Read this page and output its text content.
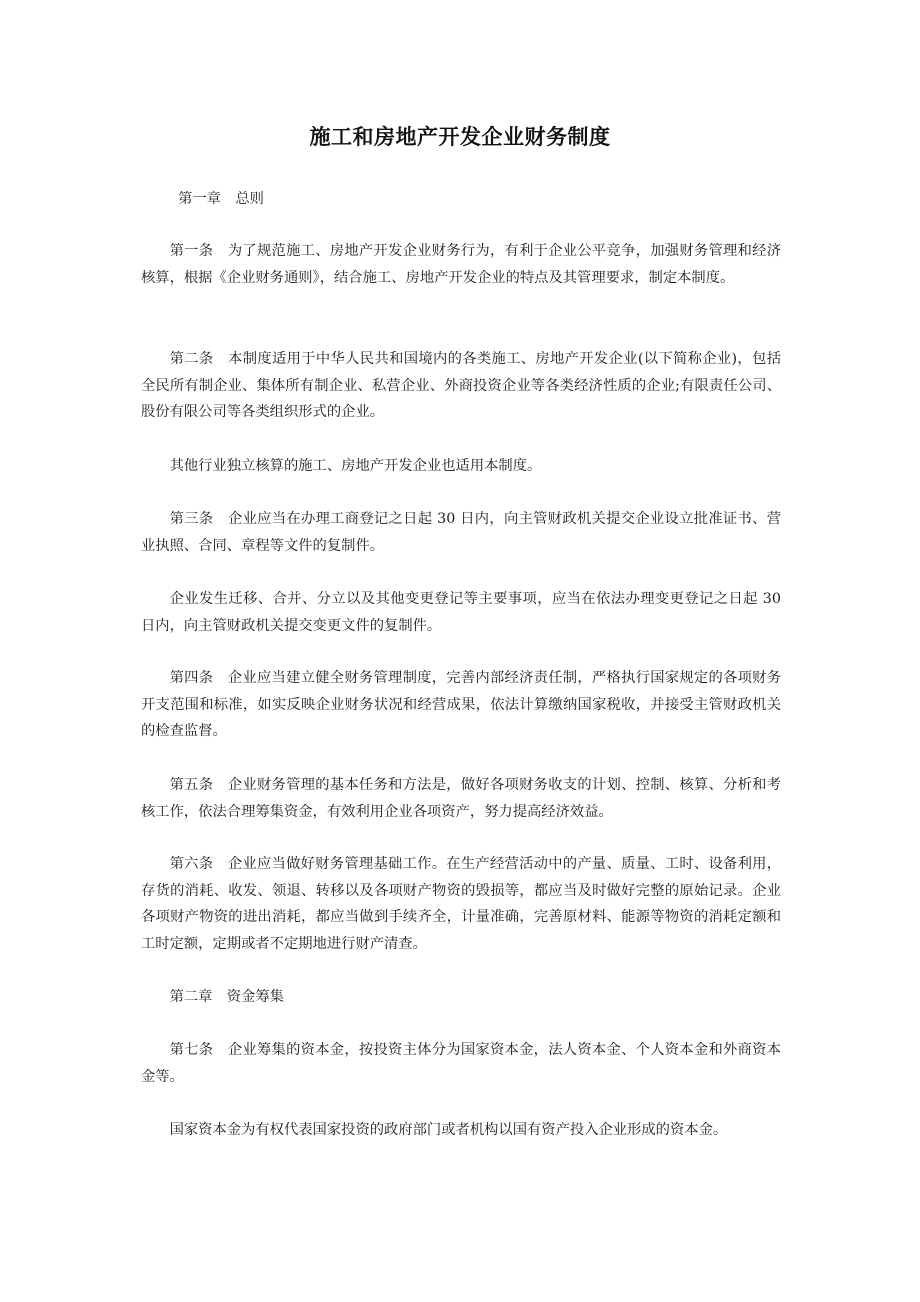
施工和房地产开发企业财务制度

第一章　总则

第一条　为了规范施工、房地产开发企业财务行为，有利于企业公平竞争，加强财务管理和经济核算，根据《企业财务通则》，结合施工、房地产开发企业的特点及其管理要求，制定本制度。

第二条　本制度适用于中华人民共和国境内的各类施工、房地产开发企业(以下简称企业)，包括全民所有制企业、集体所有制企业、私营企业、外商投资企业等各类经济性质的企业;有限责任公司、股份有限公司等各类组织形式的企业。

其他行业独立核算的施工、房地产开发企业也适用本制度。

第三条　企业应当在办理工商登记之日起 30 日内，向主管财政机关提交企业设立批准证书、营业执照、合同、章程等文件的复制件。

企业发生迁移、合并、分立以及其他变更登记等主要事项，应当在依法办理变更登记之日起 30 日内，向主管财政机关提交变更文件的复制件。

第四条　企业应当建立健全财务管理制度，完善内部经济责任制，严格执行国家规定的各项财务开支范围和标准，如实反映企业财务状况和经营成果，依法计算缴纳国家税收，并接受主管财政机关的检查监督。

第五条　企业财务管理的基本任务和方法是，做好各项财务收支的计划、控制、核算、分析和考核工作，依法合理筹集资金，有效利用企业各项资产，努力提高经济效益。

第六条　企业应当做好财务管理基础工作。在生产经营活动中的产量、质量、工时、设备利用，存货的消耗、收发、领退、转移以及各项财产物资的毁损等，都应当及时做好完整的原始记录。企业各项财产物资的进出消耗，都应当做到手续齐全，计量准确，完善原材料、能源等物资的消耗定额和工时定额，定期或者不定期地进行财产清查。

第二章　资金筹集

第七条　企业筹集的资本金，按投资主体分为国家资本金，法人资本金、个人资本金和外商资本金等。

国家资本金为有权代表国家投资的政府部门或者机构以国有资产投入企业形成的资本金。
